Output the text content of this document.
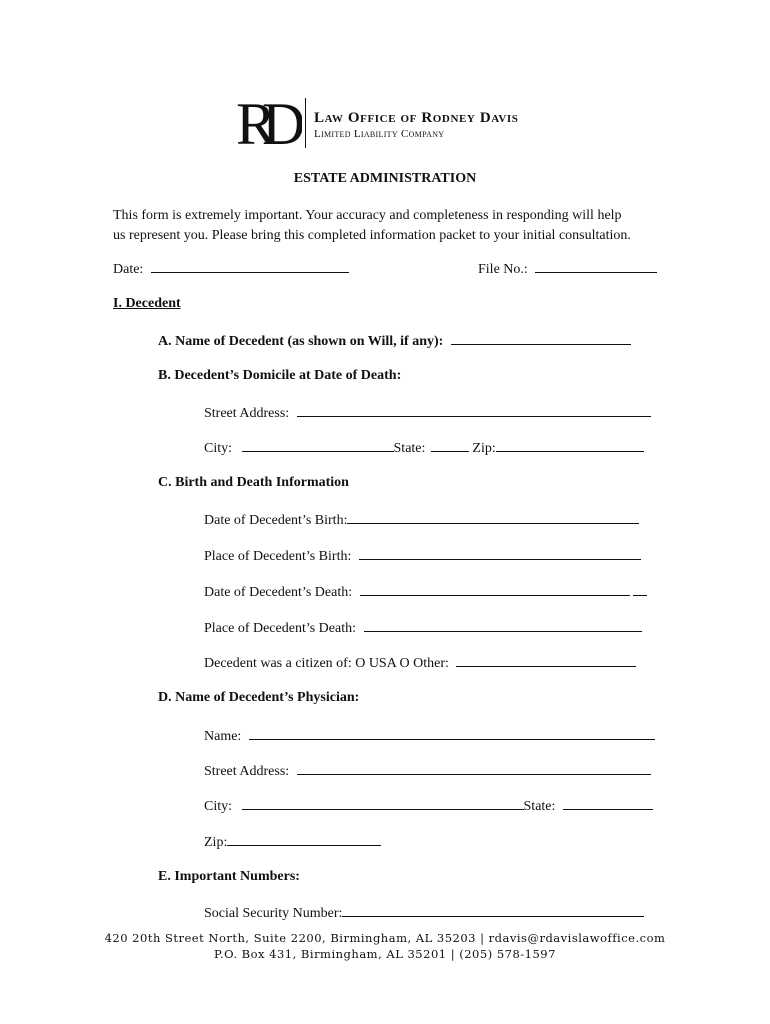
RD	Law Office of Rodney Davis
Limited Liability Company
ESTATE ADMINISTRATION
This form is extremely important. Your accuracy and completeness in responding will help
us represent you. Please bring this completed information packet to your initial consultation.
Date:	File No.:
I. Decedent
A. Name of Decedent (as shown on Will, if any):
B. Decedent’s Domicile at Date of Death:
Street Address:
City:	State:	Zip:
C. Birth and Death Information
Date of Decedent’s Birth:
Place of Decedent’s Birth:
Date of Decedent’s Death:
Place of Decedent’s Death:
Decedent was a citizen of: O USA O Other:
D. Name of Decedent’s Physician:
Name:
Street Address:
City:	State:
Zip:
E. Important Numbers:
Social Security Number:
420 20th Street North, Suite 2200, Birmingham, AL 35203 | rdavis@rdavislawoffice.com
P.O. Box 431, Birmingham, AL 35201 | (205) 578-1597
